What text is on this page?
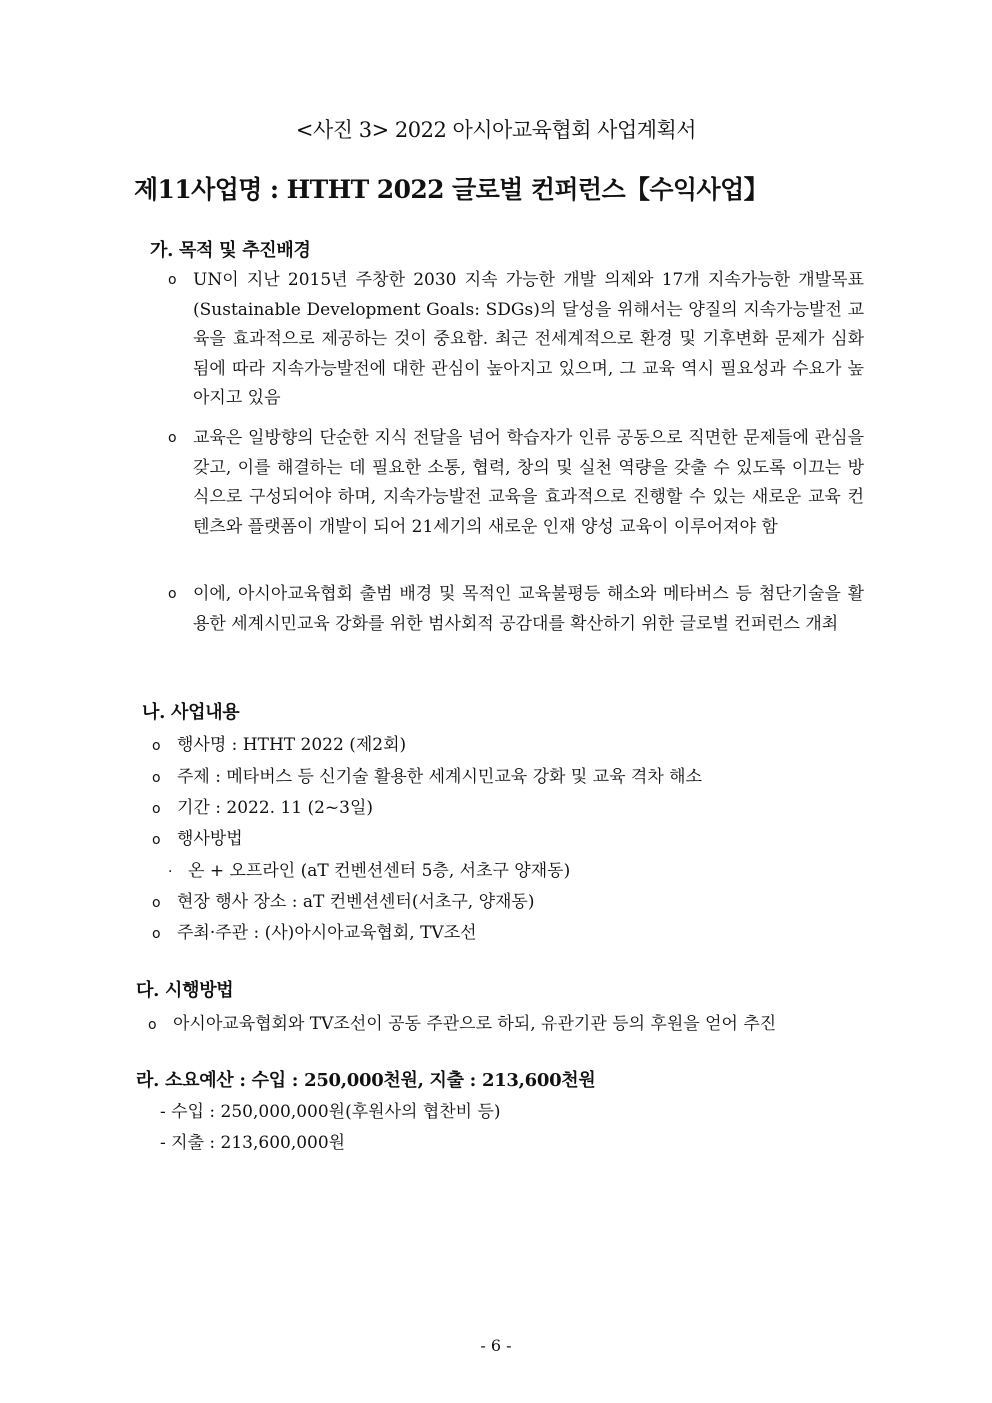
<사진 3> 2022 아시아교육협회 사업계획서
제11사업명 : HTHT 2022 글로벌 컨퍼런스【수익사업】
가. 목적 및 추진배경
o UN이 지난 2015년 주창한 2030 지속 가능한 개발 의제와 17개 지속가능한 개발목표(Sustainable Development Goals: SDGs)의 달성을 위해서는 양질의 지속가능발전 교육을 효과적으로 제공하는 것이 중요함. 최근 전세계적으로 환경 및 기후변화 문제가 심화됨에 따라 지속가능발전에 대한 관심이 높아지고 있으며, 그 교육 역시 필요성과 수요가 높아지고 있음
o 교육은 일방향의 단순한 지식 전달을 넘어 학습자가 인류 공동으로 직면한 문제들에 관심을 갖고, 이를 해결하는 데 필요한 소통, 협력, 창의 및 실천 역량을 갖출 수 있도록 이끄는 방식으로 구성되어야 하며, 지속가능발전 교육을 효과적으로 진행할 수 있는 새로운 교육 컨텐츠와 플랫폼이 개발이 되어 21세기의 새로운 인재 양성 교육이 이루어져야 함
o 이에, 아시아교육협회 출범 배경 및 목적인 교육불평등 해소와 메타버스 등 첨단기술을 활용한 세계시민교육 강화를 위한 범사회적 공감대를 확산하기 위한 글로벌 컨퍼런스 개최
나. 사업내용
o 행사명 : HTHT 2022 (제2회)
o 주제 : 메타버스 등 신기술 활용한 세계시민교육 강화 및 교육 격차 해소
o 기간 : 2022. 11 (2~3일)
o 행사방법
· 온 + 오프라인 (aT 컨벤션센터 5층, 서초구 양재동)
o 현장 행사 장소 : aT 컨벤션센터(서초구, 양재동)
o 주최·주관 : (사)아시아교육협회, TV조선
다. 시행방법
o 아시아교육협회와 TV조선이 공동 주관으로 하되, 유관기관 등의 후원을 얻어 추진
라. 소요예산 : 수입 : 250,000천원, 지출 : 213,600천원
- 수입 : 250,000,000원(후원사의 협찬비 등)
- 지출 : 213,600,000원
- 6 -
